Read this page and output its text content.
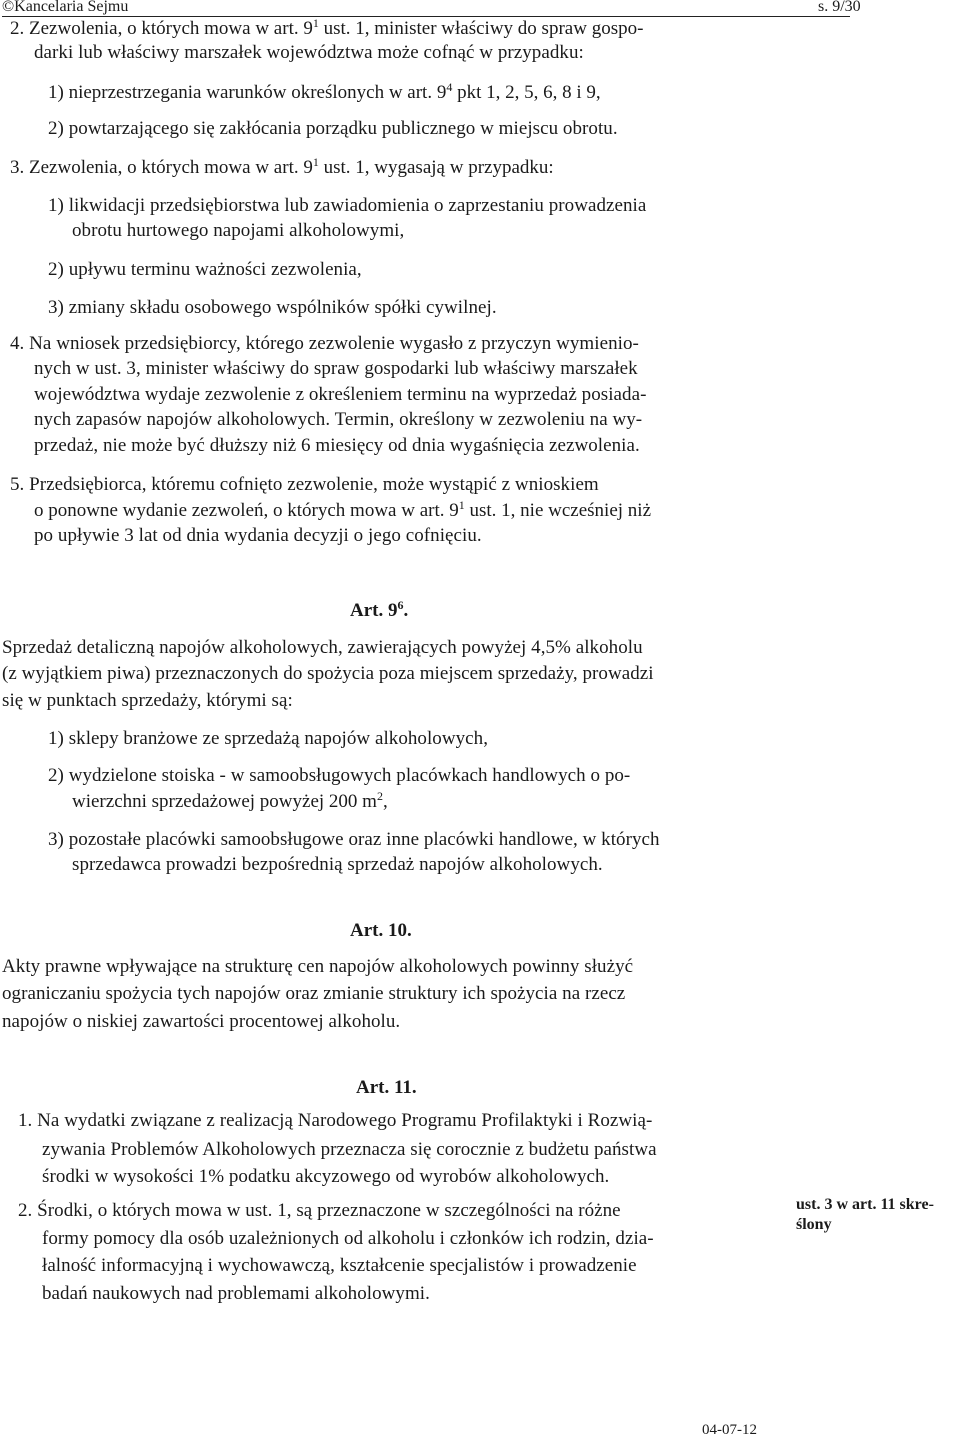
©Kancelaria Sejmu	s. 9/30
2. Zezwolenia, o których mowa w art. $9^1$ ust. 1, minister właściwy do spraw gospo-
darki lub właściwy marszałek województwa może cofnąć w przypadku:
1) nieprzestrzegania warunków określonych w art. $9^4$ pkt 1, 2, 5, 6, 8 i 9,
2) powtarzającego się zakłócania porządku publicznego w miejscu obrotu.
3. Zezwolenia, o których mowa w art. $9^1$ ust. 1, wygasają w przypadku:
1) likwidacji przedsiębiorstwa lub zawiadomienia o zaprzestaniu prowadzenia
obrotu hurtowego napojami alkoholowymi,
2) upływu terminu ważności zezwolenia,
3) zmiany składu osobowego wspólników spółki cywilnej.
4. Na wniosek przedsiębiorcy, którego zezwolenie wygasło z przyczyn wymienio-
nych w ust. 3, minister właściwy do spraw gospodarki lub właściwy marszałek
województwa wydaje zezwolenie z określeniem terminu na wyprzedaż posiada-
nych zapasów napojów alkoholowych. Termin, określony w zezwoleniu na wy-
przedaż, nie może być dłuższy niż 6 miesięcy od dnia wygaśnięcia zezwolenia.
5. Przedsiębiorca, któremu cofnięto zezwolenie, może wystąpić z wnioskiem
o ponowne wydanie zezwoleń, o których mowa w art. $9^1$ ust. 1, nie wcześniej niż
po upływie 3 lat od dnia wydania decyzji o jego cofnięciu.
Art. $9^6$.
Sprzedaż detaliczną napojów alkoholowych, zawierających powyżej 4,5% alkoholu
(z wyjątkiem piwa) przeznaczonych do spożycia poza miejscem sprzedaży, prowadzi
się w punktach sprzedaży, którymi są:
1) sklepy branżowe ze sprzedażą napojów alkoholowych,
2) wydzielone stoiska - w samoobsługowych placówkach handlowych o po-
wierzchni sprzedażowej powyżej 200 $m^2$,
3) pozostałe placówki samoobsługowe oraz inne placówki handlowe, w których
sprzedawca prowadzi bezpośrednią sprzedaż napojów alkoholowych.
Art. 10.
Akty prawne wpływające na strukturę cen napojów alkoholowych powinny służyć
ograniczaniu spożycia tych napojów oraz zmianie struktury ich spożycia na rzecz
napojów o niskiej zawartości procentowej alkoholu.
Art. 11.
1. Na wydatki związane z realizacją Narodowego Programu Profilaktyki i Rozwią-
zywania Problemów Alkoholowych przeznacza się corocznie z budżetu państwa
środki w wysokości 1% podatku akcyzowego od wyrobów alkoholowych.
2. Środki, o których mowa w ust. 1, są przeznaczone w szczególności na różne
formy pomocy dla osób uzależnionych od alkoholu i członków ich rodzin, dzia-
łalność informacyjną i wychowawczą, kształcenie specjalistów i prowadzenie
badań naukowych nad problemami alkoholowymi.
ust. 3 w art. 11 skre-
ślony
04-07-12
